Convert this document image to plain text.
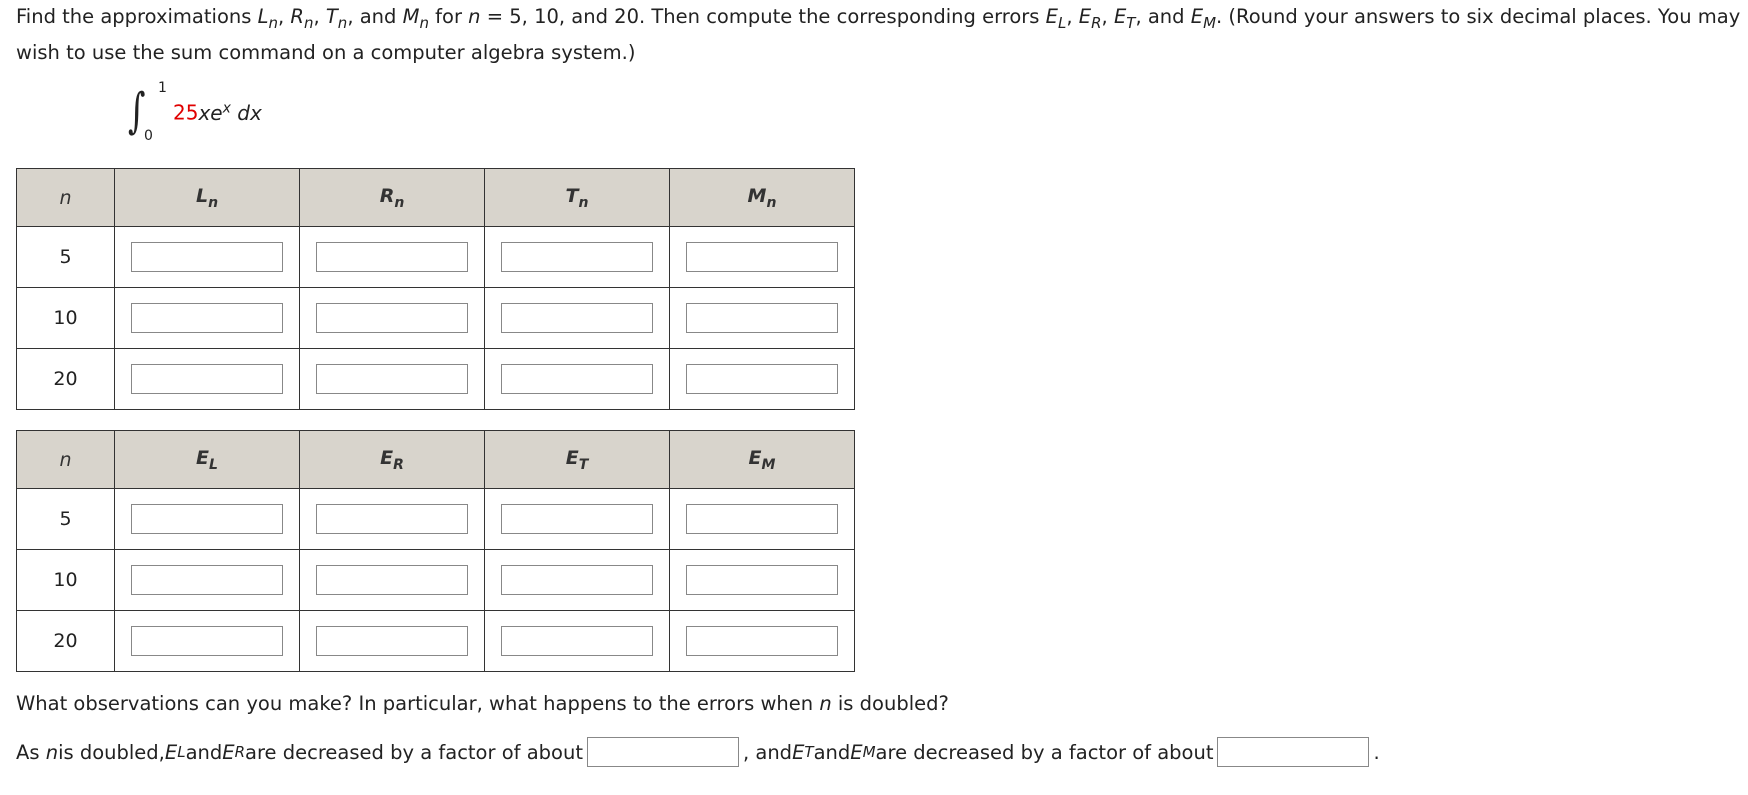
Find the approximations $L_n$, $R_n$, $T_n$, and $M_n$ for n = 5, 10, and 20. Then compute the corresponding errors $E_L$, $E_R$, $E_T$, and $E_M$. (Round your answers to six decimal places. You may wish to use the sum command on a computer algebra system.)
∫ 1
0
$25xe^x$ dx
n	$L_n$	$R_n$	$T_n$	$M_n$
5				
10				
20				
n	$E_L$	$E_R$	$E_T$	$E_M$
5				
10				
20				
What observations can you make? In particular, what happens to the errors when n is doubled?
As
n is doubled, E L and E R are decreased by a factor of about	, and E T and E M are decreased by a factor of about	.
